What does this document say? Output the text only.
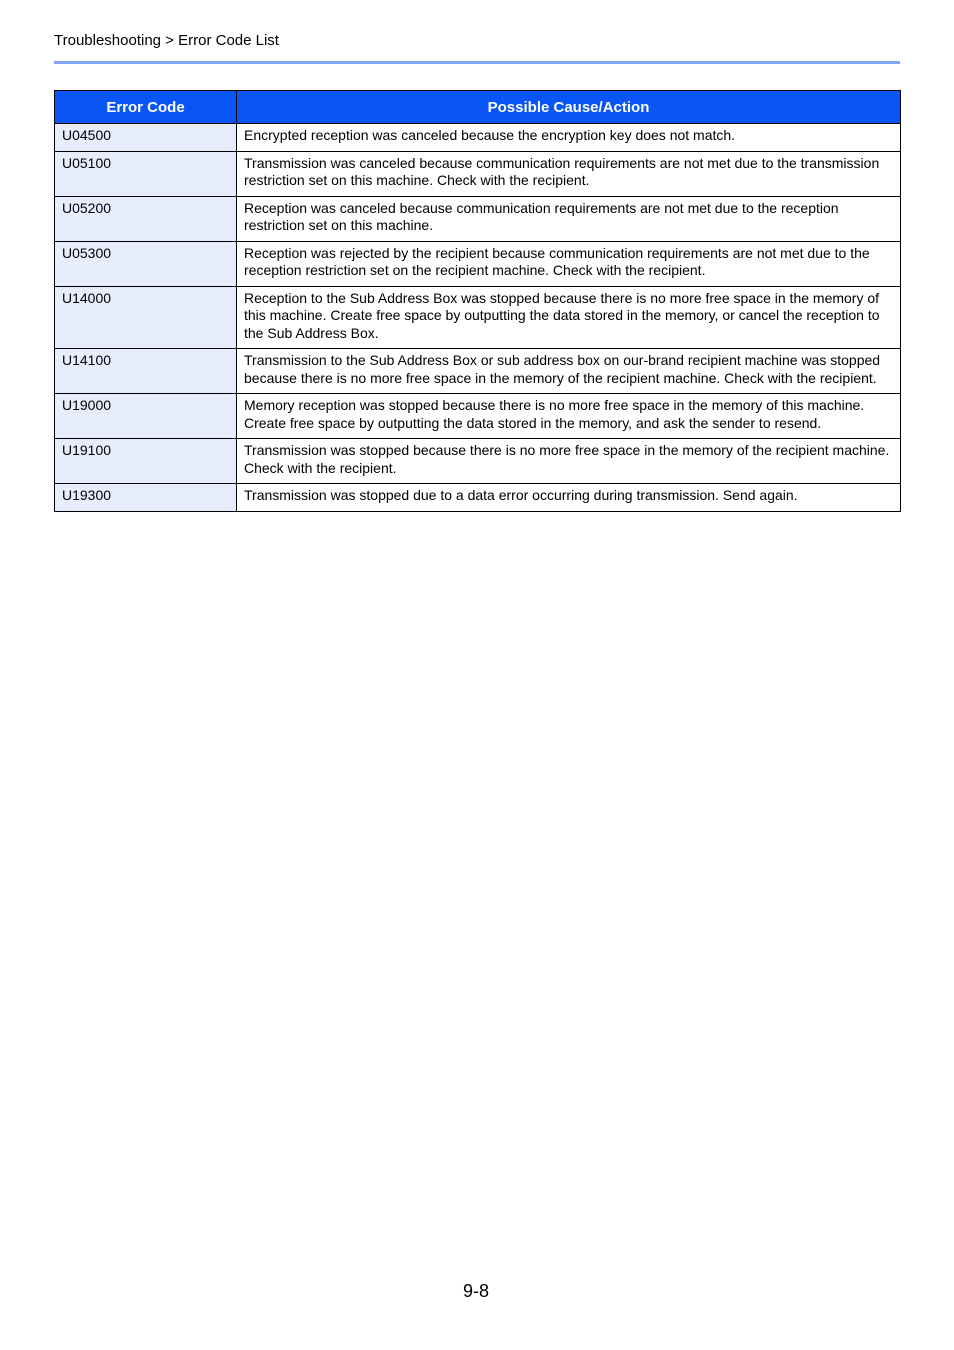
Troubleshooting > Error Code List
Error Code	Possible Cause/Action
U04500	Encrypted reception was canceled because the encryption key does not match.
U05100	Transmission was canceled because communication requirements are not met due to the transmission restriction set on this machine. Check with the recipient.
U05200	Reception was canceled because communication requirements are not met due to the reception restriction set on this machine.
U05300	Reception was rejected by the recipient because communication requirements are not met due to the reception restriction set on the recipient machine. Check with the recipient.
U14000	Reception to the Sub Address Box was stopped because there is no more free space in the memory of this machine. Create free space by outputting the data stored in the memory, or cancel the reception to the Sub Address Box.
U14100	Transmission to the Sub Address Box or sub address box on our-brand recipient machine was stopped because there is no more free space in the memory of the recipient machine. Check with the recipient.
U19000	Memory reception was stopped because there is no more free space in the memory of this machine. Create free space by outputting the data stored in the memory, and ask the sender to resend.
U19100	Transmission was stopped because there is no more free space in the memory of the recipient machine. Check with the recipient.
U19300	Transmission was stopped due to a data error occurring during transmission. Send again.
9-8
